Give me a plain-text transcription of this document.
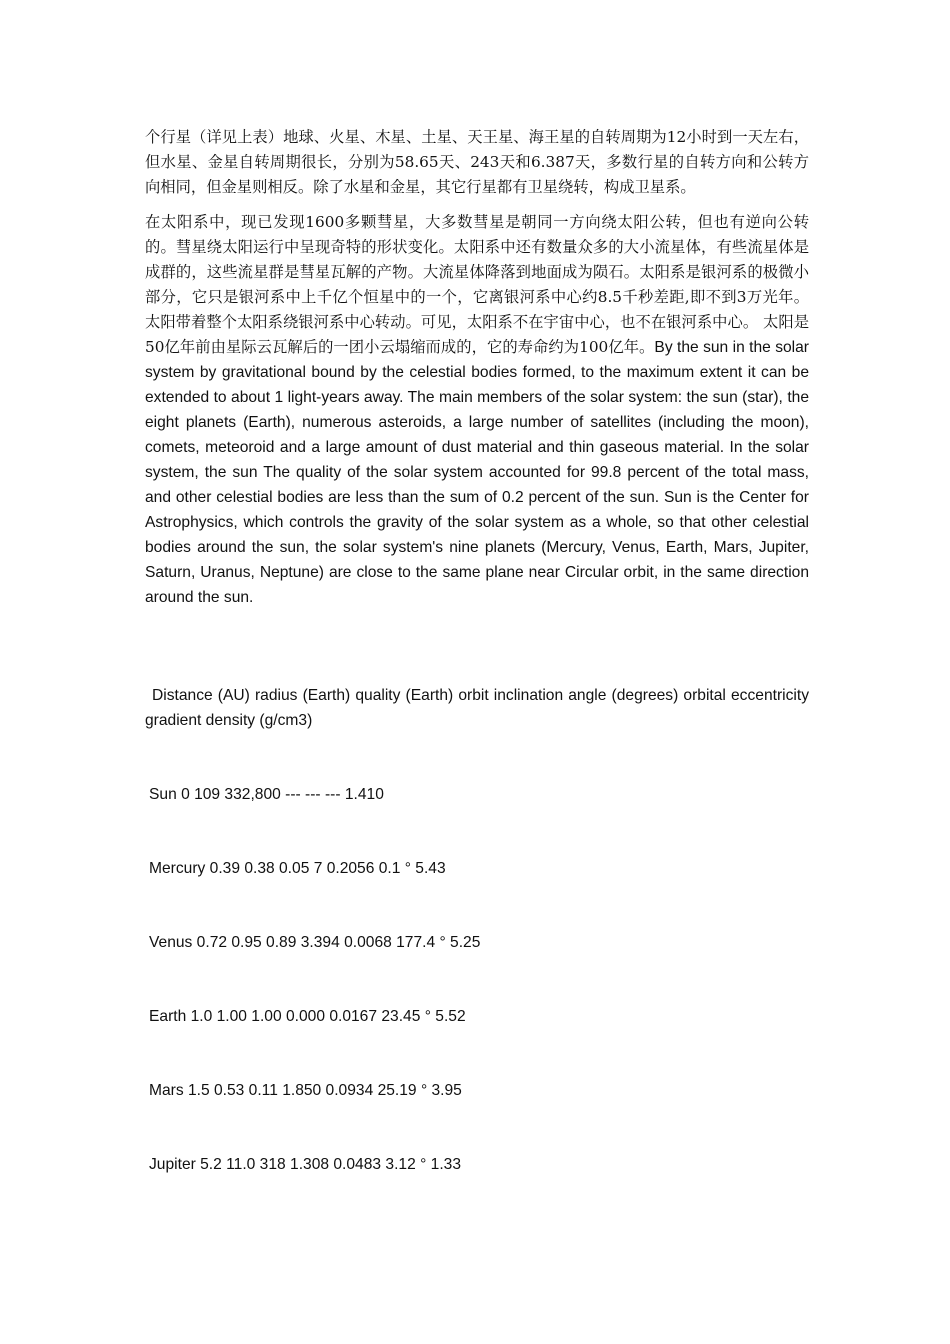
个行星（详见上表）地球、火星、木星、土星、天王星、海王星的自转周期为12小时到一天左右，但水星、金星自转周期很长，分别为58.65天、243天和6.387天，多数行星的自转方向和公转方向相同，但金星则相反。除了水星和金星，其它行星都有卫星绕转，构成卫星系。

在太阳系中，现已发现1600多颗彗星，大多数彗星是朝同一方向绕太阳公转，但也有逆向公转的。彗星绕太阳运行中呈现奇特的形状变化。太阳系中还有数量众多的大小流星体，有些流星体是成群的，这些流星群是彗星瓦解的产物。大流星体降落到地面成为陨石。太阳系是银河系的极微小部分，它只是银河系中上千亿个恒星中的一个，它离银河系中心约8.5千秒差距,即不到3万光年。太阳带着整个太阳系绕银河系中心转动。可见，太阳系不在宇宙中心，也不在银河系中心。 太阳是50亿年前由星际云瓦解后的一团小云塌缩而成的，它的寿命约为100亿年。By the sun in the solar system by gravitational bound by the celestial bodies formed, to the maximum extent it can be extended to about 1 light-years away. The main members of the solar system: the sun (star), the eight planets (Earth), numerous asteroids, a large number of satellites (including the moon), comets, meteoroid and a large amount of dust material and thin gaseous material. In the solar system, the sun The quality of the solar system accounted for 99.8 percent of the total mass, and other celestial bodies are less than the sum of 0.2 percent of the sun. Sun is the Center for Astrophysics, which controls the gravity of the solar system as a whole, so that other celestial bodies around the sun, the solar system's nine planets (Mercury, Venus, Earth, Mars, Jupiter, Saturn, Uranus, Neptune) are close to the same plane near Circular orbit, in the same direction around the sun.

Distance (AU) radius (Earth) quality (Earth) orbit inclination angle (degrees) orbital eccentricity gradient density (g/cm3)

Sun 0 109 332,800 --- --- --- 1.410

Mercury 0.39 0.38 0.05 7 0.2056 0.1 ° 5.43

Venus 0.72 0.95 0.89 3.394 0.0068 177.4 ° 5.25

Earth 1.0 1.00 1.00 0.000 0.0167 23.45 ° 5.52

Mars 1.5 0.53 0.11 1.850 0.0934 25.19 ° 3.95

Jupiter 5.2 11.0 318 1.308 0.0483 3.12 ° 1.33
